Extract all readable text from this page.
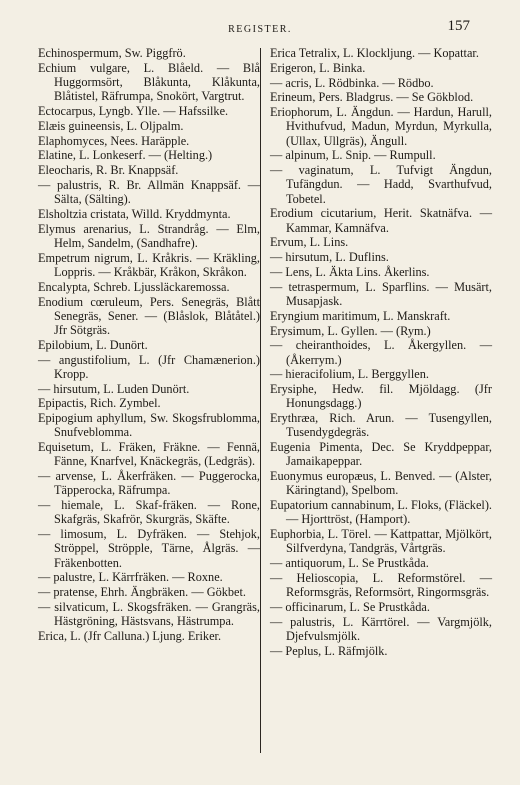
REGISTER.	157

Echinospermum, Sw. Piggfrö.

Echium vulgare, L. Blåeld. — Blå Huggormsört, Blåkunta, Klåkunta, Blåtistel, Räfrumpa, Snokört, Vargtrut.

Ectocarpus, Lyngb. Ylle. — Hafssilke.

Elæis guineensis, L. Oljpalm.

Elaphomyces, Nees. Haräpple.

Elatine, L. Lonkeserf. — (Helting.)

Eleocharis, R. Br. Knappsäf.

— palustris, R. Br. Allmän Knappsäf. — Sälta, (Sälting).

Elsholtzia cristata, Willd. Kryddmynta.

Elymus arenarius, L. Strandråg. — Elm, Helm, Sandelm, (Sandhafre).

Empetrum nigrum, L. Kråkris. — Kräkling, Loppris. — Kråkbär, Kråkon, Skråkon.

Encalypta, Schreb. Ljussläckaremossa.

Enodium cœruleum, Pers. Senegräs, Blått Senegräs, Sener. — (Blåslok, Blåtåtel.) Jfr Sötgräs.

Epilobium, L. Dunört.

— angustifolium, L. (Jfr Chamænerion.) Kropp.

— hirsutum, L. Luden Dunört.

Epipactis, Rich. Zymbel.

Epipogium aphyllum, Sw. Skogsfrublomma, Snufveblomma.

Equisetum, L. Fräken, Fräkne. — Fennä, Fänne, Knarfvel, Knäckegräs, (Ledgräs).

— arvense, L. Åkerfräken. — Puggerocka, Täpperocka, Räfrumpa.

— hiemale, L. Skaf-fräken. — Rone, Skafgräs, Skafrör, Skurgräs, Skäfte.

— limosum, L. Dyfräken. — Stehjok, Ströppel, Ströpple, Tärne, Ålgräs. — Fräkenbotten.

— palustre, L. Kärrfräken. — Roxne.

— pratense, Ehrh. Ängbräken. — Gökbet.

— silvaticum, L. Skogsfräken. — Grangräs, Hästgröning, Hästsvans, Hästrumpa.

Erica, L. (Jfr Calluna.) Ljung. Eriker.

Erica Tetralix, L. Klockljung. — Kopattar.

Erigeron, L. Binka.

— acris, L. Rödbinka. — Rödbo.

Erineum, Pers. Bladgrus. — Se Gökblod.

Eriophorum, L. Ängdun. — Hardun, Harull, Hvithufvud, Madun, Myrdun, Myrkulla, (Ullax, Ullgräs), Ängull.

— alpinum, L. Snip. — Rumpull.

— vaginatum, L. Tufvigt Ängdun, Tufängdun. — Hadd, Svarthufvud, Tobetel.

Erodium cicutarium, Herit. Skatnäfva. — Kammar, Kamnäfva.

Ervum, L. Lins.

— hirsutum, L. Duflins.

— Lens, L. Äkta Lins. Åkerlins.

— tetraspermum, L. Sparflins. — Musärt, Musapjask.

Eryngium maritimum, L. Manskraft.

Erysimum, L. Gyllen. — (Rym.)

— cheiranthoides, L. Åkergyllen. — (Åkerrym.)

— hieracifolium, L. Berggyllen.

Erysiphe, Hedw. fil. Mjöldagg. (Jfr Honungsdagg.)

Erythræa, Rich. Arun. — Tusengyllen, Tusendygdegräs.

Eugenia Pimenta, Dec. Se Kryddpeppar, Jamaikapeppar.

Euonymus europæus, L. Benved. — (Alster, Käringtand), Spelbom.

Eupatorium cannabinum, L. Floks, (Fläckel). — Hjorttröst, (Hamport).

Euphorbia, L. Törel. — Kattpattar, Mjölkört, Silfverdyna, Tandgräs, Vårtgräs.

— antiquorum, L. Se Prustkåda.

— Helioscopia, L. Reformstörel. — Reformsgräs, Reformsört, Ringormsgräs.

— officinarum, L. Se Prustkåda.

— palustris, L. Kärrtörel. — Vargmjölk, Djefvulsmjölk.

— Peplus, L. Räfmjölk.
